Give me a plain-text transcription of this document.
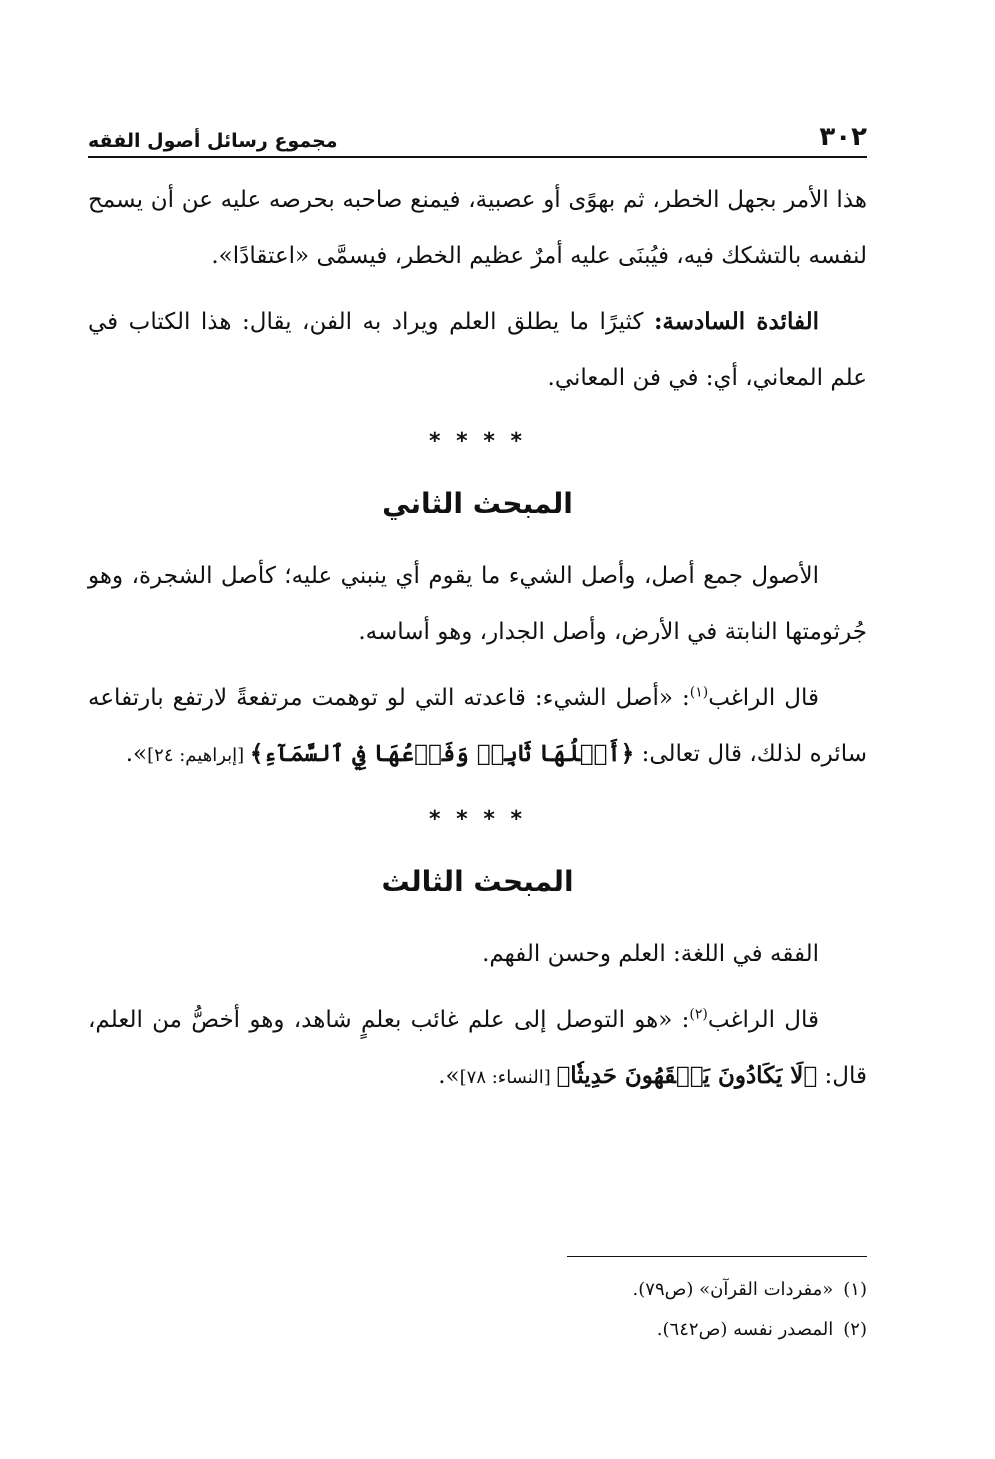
٣٠٢
مجموع رسائل أصول الفقه

هذا الأمر بجهل الخطر، ثم بهوًى أو عصبية، فيمنع صاحبه بحرصه عليه عن أن يسمح لنفسه بالتشكك فيه، فيُبنَى عليه أمرٌ عظيم الخطر، فيسمَّى «اعتقادًا».

الفائدة السادسة: كثيرًا ما يطلق العلم ويراد به الفن، يقال: هذا الكتاب في علم المعاني، أي: في فن المعاني.

* * * *
المبحث الثاني

الأصول جمع أصل، وأصل الشيء ما يقوم أي ينبني عليه؛ كأصل الشجرة، وهو جُرثومتها النابتة في الأرض، وأصل الجدار، وهو أساسه.

قال الراغب$^{(١)}$: «أصل الشيء: قاعدته التي لو توهمت مرتفعةً لارتفع بارتفاعه سائره لذلك، قال تعالى: ﴿أَصۡلُهَا ثَابِتٞ وَفَرۡعُهَا فِي ٱلسَّمَآءِ﴾ [إبراهيم: ٢٤]».

* * * *
المبحث الثالث

الفقه في اللغة: العلم وحسن الفهم.

قال الراغب$^{(٢)}$: «هو التوصل إلى علم غائب بعلمٍ شاهد، وهو أخصُّ من العلم، قال: ﴿لَا يَكَادُونَ يَفۡقَهُونَ حَدِيثٗا﴾ [النساء: ٧٨]».

(١)
«مفردات القرآن» (ص٧٩).
(٢)
المصدر نفسه (ص٦٤٢).
